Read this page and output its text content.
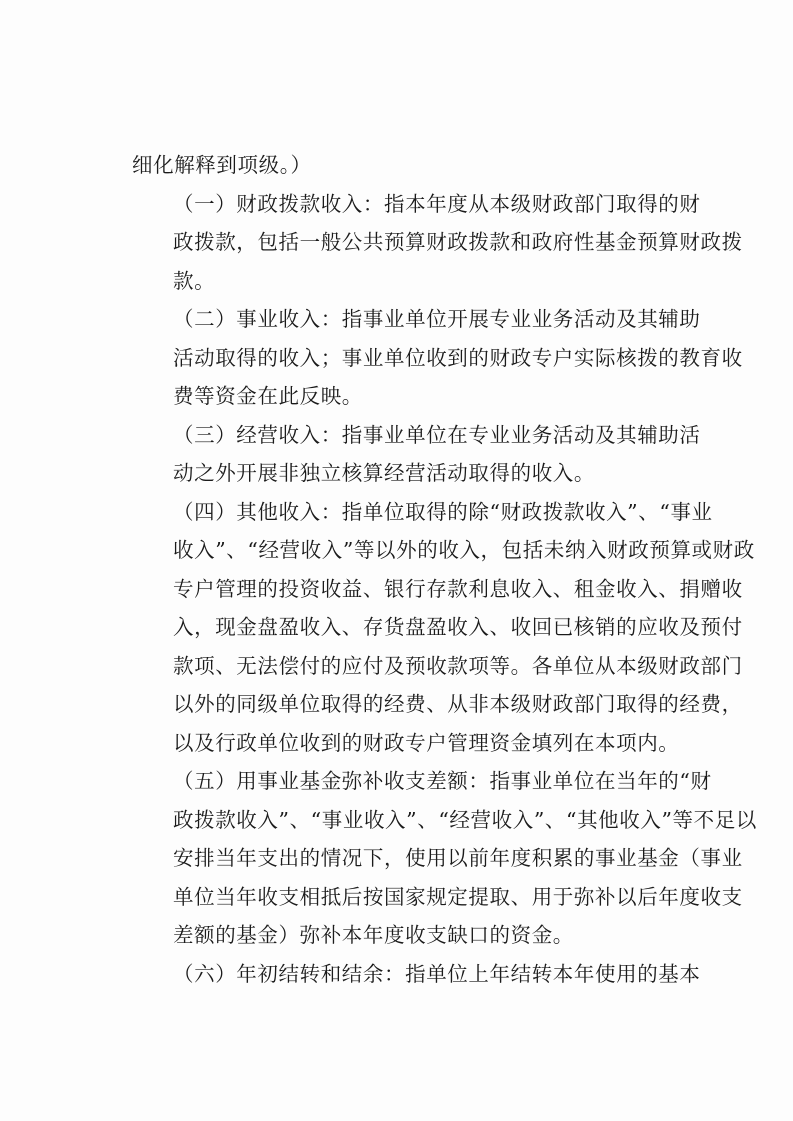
细化解释到项级。）

（一）财政拨款收入：指本年度从本级财政部门取得的财
政拨款，包括一般公共预算财政拨款和政府性基金预算财政拨
款。

（二）事业收入：指事业单位开展专业业务活动及其辅助
活动取得的收入；事业单位收到的财政专户实际核拨的教育收
费等资金在此反映。

（三）经营收入：指事业单位在专业业务活动及其辅助活
动之外开展非独立核算经营活动取得的收入。

（四）其他收入：指单位取得的除“财政拨款收入”、“事业
收入”、“经营收入”等以外的收入，包括未纳入财政预算或财政
专户管理的投资收益、银行存款利息收入、租金收入、捐赠收
入，现金盘盈收入、存货盘盈收入、收回已核销的应收及预付
款项、无法偿付的应付及预收款项等。各单位从本级财政部门
以外的同级单位取得的经费、从非本级财政部门取得的经费，
以及行政单位收到的财政专户管理资金填列在本项内。

（五）用事业基金弥补收支差额：指事业单位在当年的“财
政拨款收入”、“事业收入”、“经营收入”、“其他收入”等不足以
安排当年支出的情况下，使用以前年度积累的事业基金（事业
单位当年收支相抵后按国家规定提取、用于弥补以后年度收支
差额的基金）弥补本年度收支缺口的资金。

（六）年初结转和结余：指单位上年结转本年使用的基本
